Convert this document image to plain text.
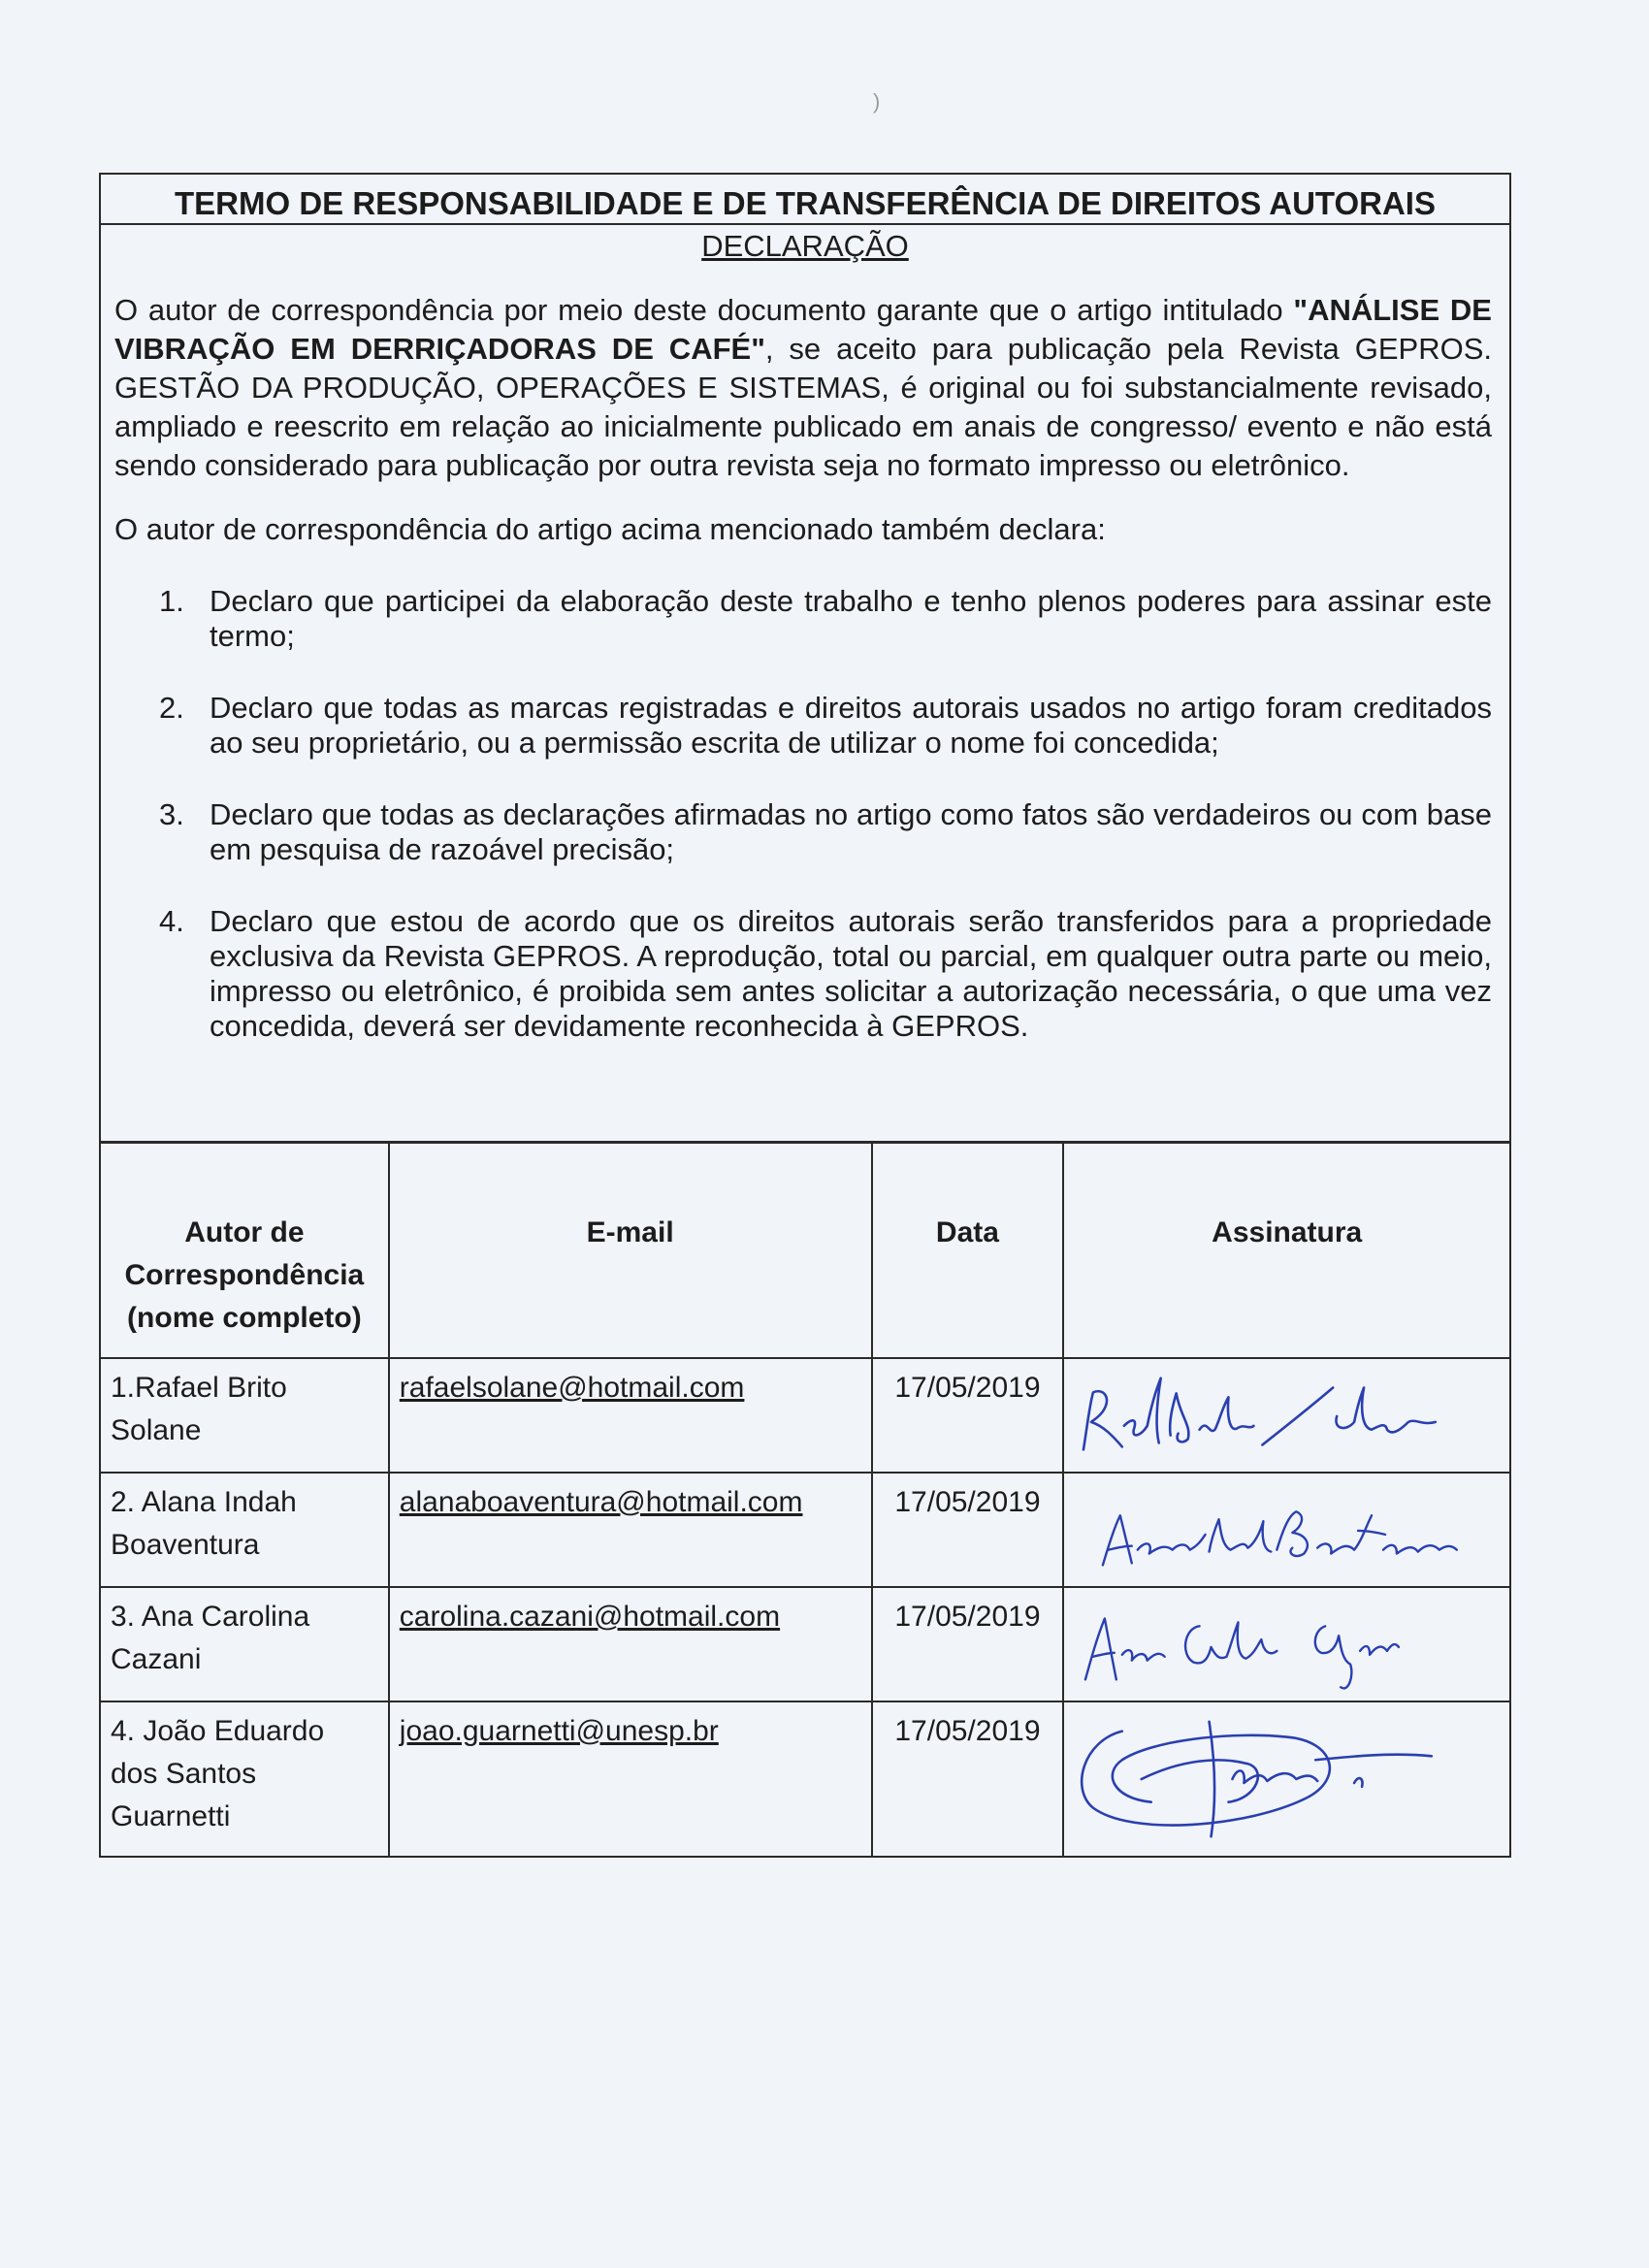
)
TERMO DE RESPONSABILIDADE E DE TRANSFERÊNCIA DE DIREITOS AUTORAIS
DECLARAÇÃO

O autor de correspondência por meio deste documento garante que o artigo intitulado "ANÁLISE DE VIBRAÇÃO EM DERRIÇADORAS DE CAFÉ", se aceito para publicação pela Revista GEPROS. GESTÃO DA PRODUÇÃO, OPERAÇÕES E SISTEMAS, é original ou foi substancialmente revisado, ampliado e reescrito em relação ao inicialmente publicado em anais de congresso/ evento e não está sendo considerado para publicação por outra revista seja no formato impresso ou eletrônico.

O autor de correspondência do artigo acima mencionado também declara:

1. Declaro que participei da elaboração deste trabalho e tenho plenos poderes para assinar este termo;
2. Declaro que todas as marcas registradas e direitos autorais usados no artigo foram creditados ao seu proprietário, ou a permissão escrita de utilizar o nome foi concedida;
3. Declaro que todas as declarações afirmadas no artigo como fatos são verdadeiros ou com base em pesquisa de razoável precisão;
4. Declaro que estou de acordo que os direitos autorais serão transferidos para a propriedade exclusiva da Revista GEPROS. A reprodução, total ou parcial, em qualquer outra parte ou meio, impresso ou eletrônico, é proibida sem antes solicitar a autorização necessária, o que uma vez concedida, deverá ser devidamente reconhecida à GEPROS.
Autor de Correspondência (nome completo)	E-mail	Data	Assinatura
1.Rafael Brito Solane	rafaelsolane@hotmail.com	17/05/2019	

2. Alana Indah Boaventura	alanaboaventura@hotmail.com	17/05/2019	

3. Ana Carolina Cazani	carolina.cazani@hotmail.com	17/05/2019	

4. João Eduardo dos Santos Guarnetti	joao.guarnetti@unesp.br	17/05/2019	
